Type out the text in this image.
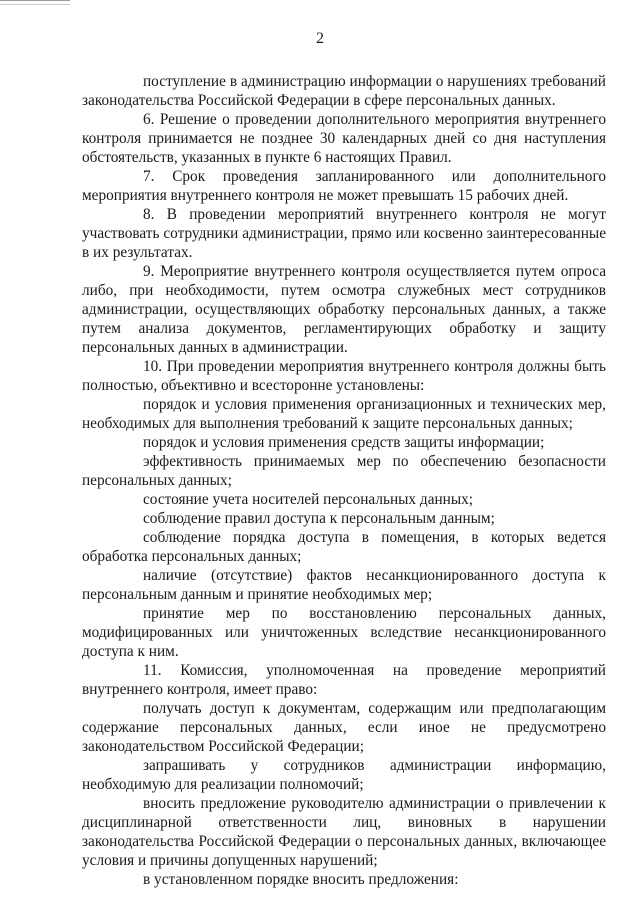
2

поступление в администрацию информации о нарушениях требований законодательства Российской Федерации в сфере персональных данных.

6. Решение о проведении дополнительного мероприятия внутреннего контроля принимается не позднее 30 календарных дней со дня наступления обстоятельств, указанных в пункте 6 настоящих Правил.

7. Срок проведения запланированного или дополнительного мероприятия внутреннего контроля не может превышать 15 рабочих дней.

8. В проведении мероприятий внутреннего контроля не могут участвовать сотрудники администрации, прямо или косвенно заинтересованные в их результатах.

9. Мероприятие внутреннего контроля осуществляется путем опроса либо, при необходимости, путем осмотра служебных мест сотрудников администрации, осуществляющих обработку персональных данных, а также путем анализа документов, регламентирующих обработку и защиту персональных данных в администрации.

10. При проведении мероприятия внутреннего контроля должны быть полностью, объективно и всесторонне установлены:

порядок и условия применения организационных и технических мер, необходимых для выполнения требований к защите персональных данных;

порядок и условия применения средств защиты информации;

эффективность принимаемых мер по обеспечению безопасности персональных данных;

состояние учета носителей персональных данных;

соблюдение правил доступа к персональным данным;

соблюдение порядка доступа в помещения, в которых ведется обработка персональных данных;

наличие (отсутствие) фактов несанкционированного доступа к персональным данным и принятие необходимых мер;

принятие мер по восстановлению персональных данных, модифицированных или уничтоженных вследствие несанкционированного доступа к ним.

11. Комиссия, уполномоченная на проведение мероприятий внутреннего контроля, имеет право:

получать доступ к документам, содержащим или предполагающим содержание персональных данных, если иное не предусмотрено законодательством Российской Федерации;

запрашивать у сотрудников администрации информацию, необходимую для реализации полномочий;

вносить предложение руководителю администрации о привлечении к дисциплинарной ответственности лиц, виновных в нарушении законодательства Российской Федерации о персональных данных, включающее условия и причины допущенных нарушений;

в установленном порядке вносить предложения:
